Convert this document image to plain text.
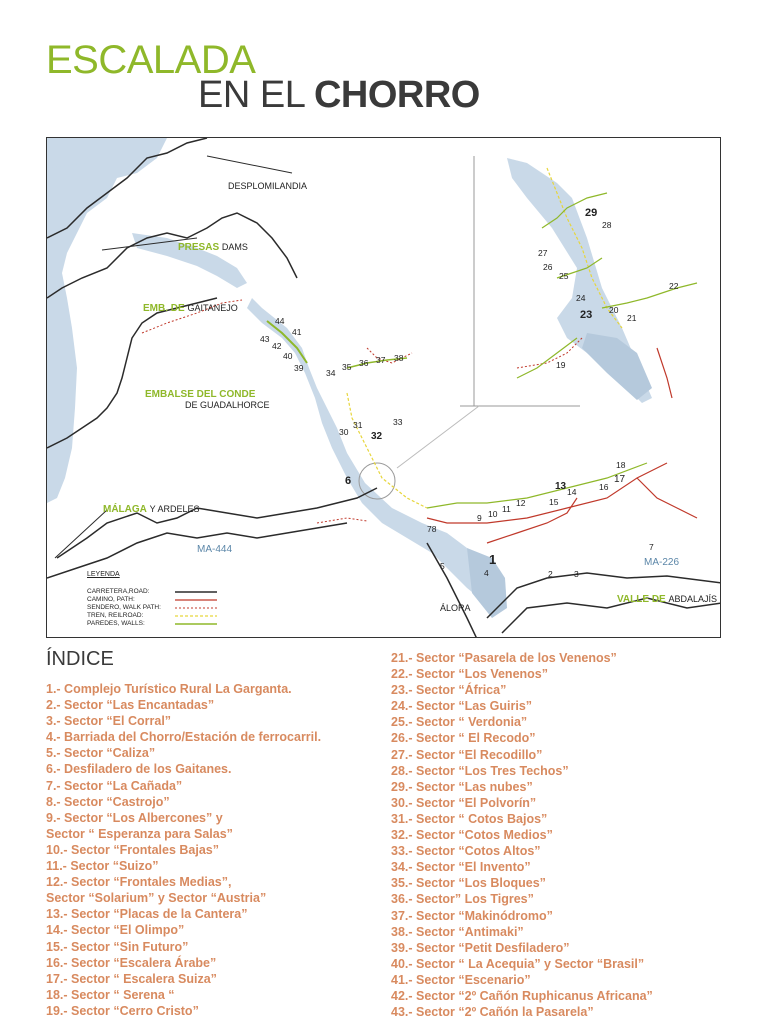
ESCALADA
EN EL CHORRO
DESPLOMILANDIA
PRESAS DAMS
EMB. DE GAITANEJO
EMBALSE DEL CONDE
DE GUADALHORCE
MÁLAGA Y ARDELES
MA-444
MA-226
ÁLORA
VALLE DE ABDALAJÍS
LEYENDA
CARRETERA,ROAD:
CAMINO, PATH:
SENDERO, WALK PATH:
TREN, REILROAD:
PAREDES, WALLS:
44
41
43
42
40
39	34
35 36 37 38
30
31
32
33
6
78
9 10 11
12	15
13 14	16
17
18
1
4
5
2	3
7
29
28
27
26
25
24
23 20
21
22
19
ÍNDICE
1.- Complejo Turístico Rural La Garganta.
2.- Sector “Las Encantadas”
3.- Sector “El Corral”
4.- Barriada del Chorro/Estación de ferrocarril.
5.- Sector “Caliza”
6.- Desfiladero de los Gaitanes.
7.- Sector “La Cañada”
8.- Sector “Castrojo”
9.- Sector “Los Albercones” y
Sector “ Esperanza para Salas”
10.- Sector “Frontales Bajas”
11.- Sector “Suizo”
12.- Sector “Frontales Medias”,
Sector “Solarium” y Sector “Austria”
13.- Sector “Placas de la Cantera”
14.- Sector “El Olimpo”
15.- Sector “Sin Futuro”
16.- Sector “Escalera Árabe”
17.- Sector “ Escalera Suiza”
18.- Sector “ Serena “
19.- Sector “Cerro Cristo”
21.- Sector “Pasarela de los Venenos”
22.- Sector “Los Venenos”
23.- Sector “África”
24.- Sector “Las Guiris”
25.- Sector “ Verdonia”
26.- Sector “ El Recodo”
27.- Sector “El Recodillo”
28.- Sector “Los Tres Techos”
29.- Sector “Las nubes”
30.- Sector “El Polvorín”
31.- Sector “ Cotos Bajos”
32.- Sector “Cotos Medios”
33.- Sector “Cotos Altos”
34.- Sector “El Invento”
35.- Sector “Los Bloques”
36.- Sector” Los Tigres”
37.- Sector “Makinódromo”
38.- Sector “Antimaki”
39.- Sector “Petit Desfiladero”
40.- Sector “ La Acequia” y Sector “Brasil”
41.- Sector “Escenario”
42.- Sector “2º Cañón Ruphicanus Africana”
43.- Sector “2º Cañón la Pasarela”
